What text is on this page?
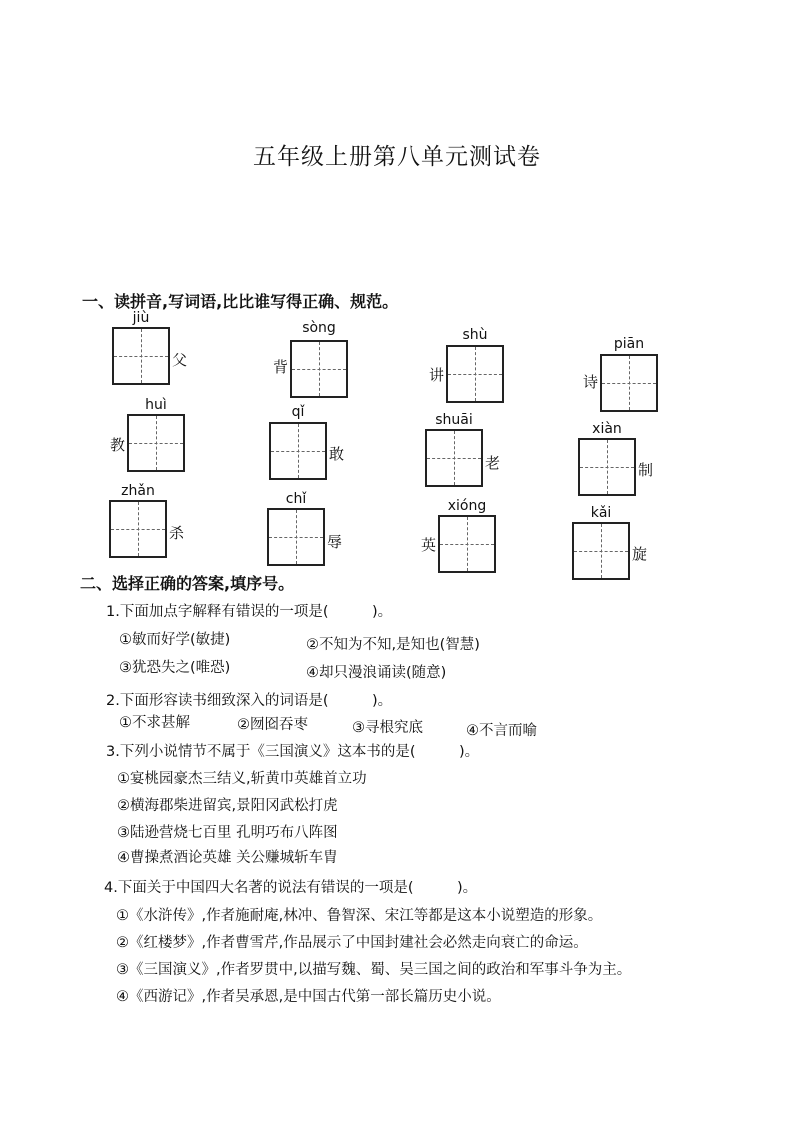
五年级上册第八单元测试卷
一、读拼音,写词语,比比谁写得正确、规范。
jiù
父
sòng
背
shù
讲
piān
诗
huì
教
qǐ
敢
shuāi
老
xiàn
制
zhǎn
杀
chǐ
辱
xióng
英
kǎi
旋
二、选择正确的答案,填序号。
1.下面加点字解释有错误的一项是(　　　)。
①敏而好学(敏捷)	②不知为不知,是知也(智慧)
③犹恐失之(唯恐)	④却只漫浪诵读(随意)
2.下面形容读书细致深入的词语是(　　　)。
①不求甚解	②囫囵吞枣	③寻根究底	④不言而喻
3.下列小说情节不属于《三国演义》这本书的是(　　　)。
①宴桃园豪杰三结义,斩黄巾英雄首立功
②横海郡柴进留宾,景阳冈武松打虎
③陆逊营烧七百里 孔明巧布八阵图
④曹操煮酒论英雄 关公赚城斩车胄
4.下面关于中国四大名著的说法有错误的一项是(　　　)。
①《水浒传》,作者施耐庵,林冲、鲁智深、宋江等都是这本小说塑造的形象。
②《红楼梦》,作者曹雪芹,作品展示了中国封建社会必然走向衰亡的命运。
③《三国演义》,作者罗贯中,以描写魏、蜀、吴三国之间的政治和军事斗争为主。
④《西游记》,作者吴承恩,是中国古代第一部长篇历史小说。
